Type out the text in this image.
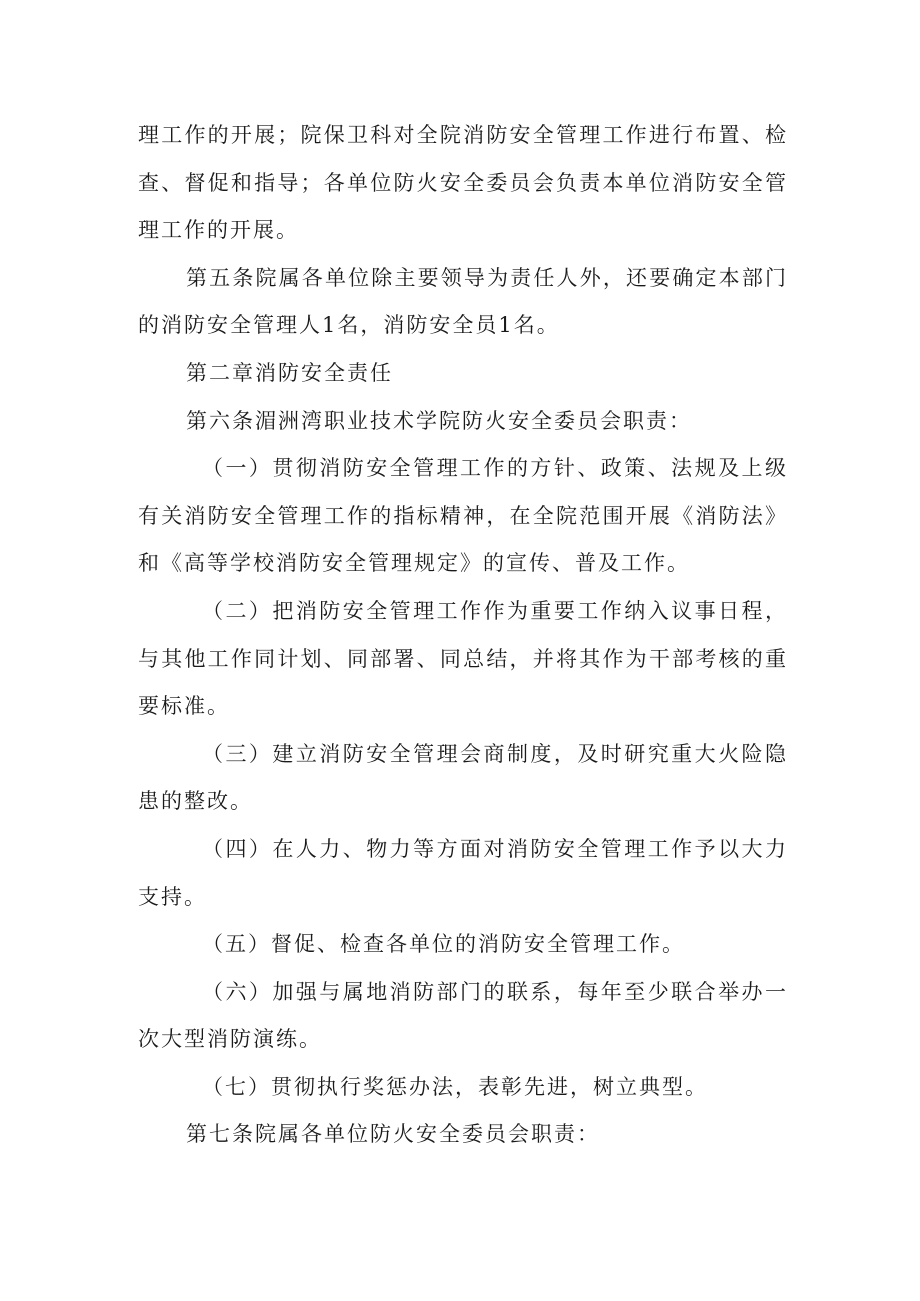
理工作的开展；院保卫科对全院消防安全管理工作进行布置、检查、督促和指导；各单位防火安全委员会负责本单位消防安全管理工作的开展。

第五条院属各单位除主要领导为责任人外，还要确定本部门的消防安全管理人1名，消防安全员1名。

第二章消防安全责任

第六条湄洲湾职业技术学院防火安全委员会职责：

（一）贯彻消防安全管理工作的方针、政策、法规及上级有关消防安全管理工作的指标精神，在全院范围开展《消防法》和《高等学校消防安全管理规定》的宣传、普及工作。

（二）把消防安全管理工作作为重要工作纳入议事日程，与其他工作同计划、同部署、同总结，并将其作为干部考核的重要标准。

（三）建立消防安全管理会商制度，及时研究重大火险隐患的整改。

（四）在人力、物力等方面对消防安全管理工作予以大力支持。

（五）督促、检查各单位的消防安全管理工作。

（六）加强与属地消防部门的联系，每年至少联合举办一次大型消防演练。

（七）贯彻执行奖惩办法，表彰先进，树立典型。

第七条院属各单位防火安全委员会职责：
